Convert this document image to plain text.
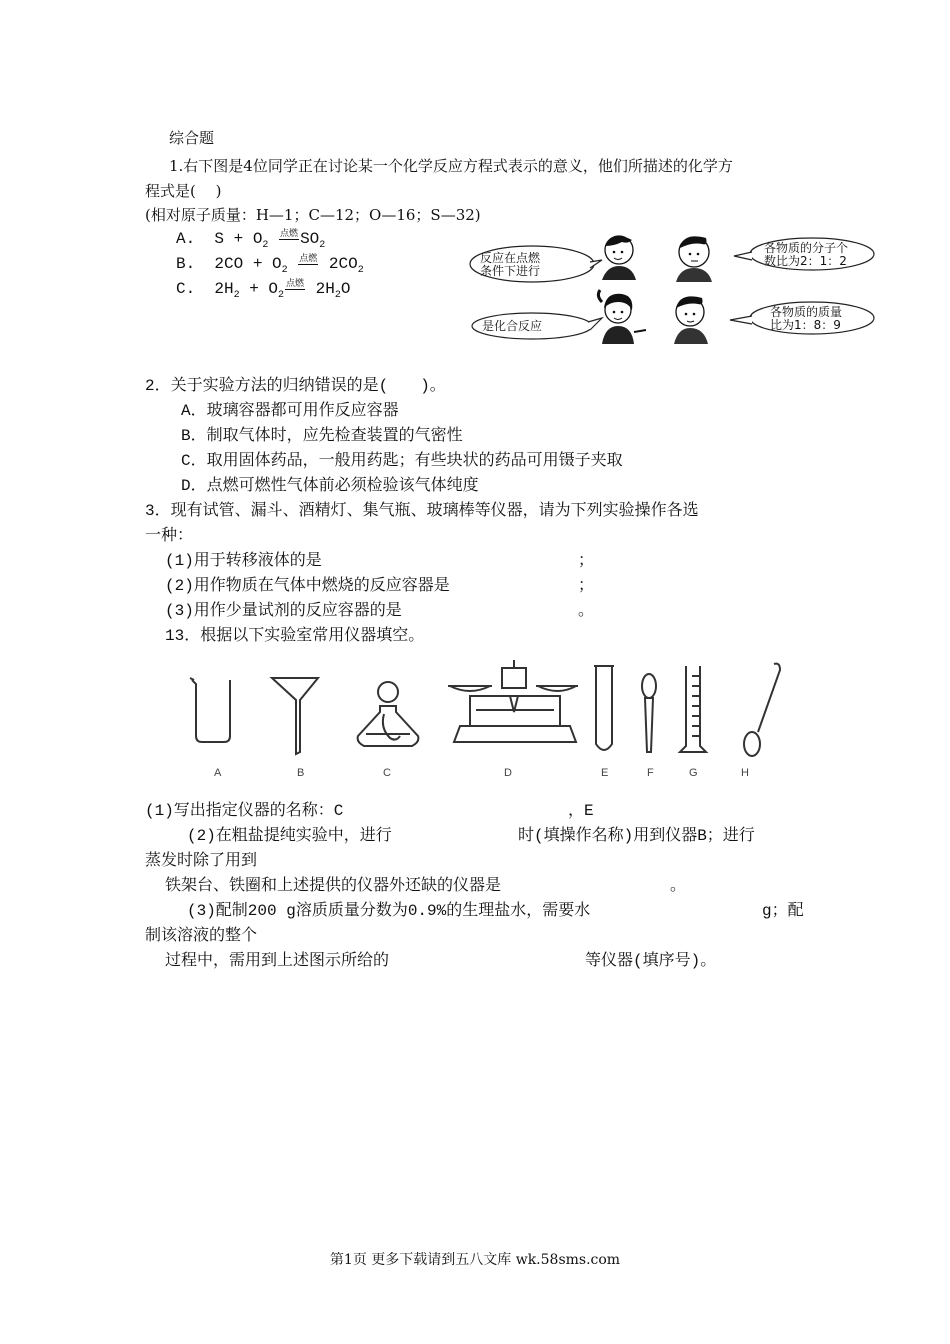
综合题
1.右下图是4位同学正在讨论某一个化学反应方程式表示的意义，他们所描述的化学方
程式是(　 )
(相对原子质量：H—1；C—12；O—16；S—32)
A. $S + O_2$ 点燃 $SO_2$
B. $2CO + O_2$ 点燃 $2CO_2$
C. $2H_2 + O_2$点燃 $2H_2O$
反应在点燃
条件下进行
各物质的分子个
数比为2：1：2
是化合反应
各物质的质量
比为1：8：9
2．关于实验方法的归纳错误的是(　　)。
A．玻璃容器都可用作反应容器
B．制取气体时，应先检查装置的气密性
C．取用固体药品，一般用药匙；有些块状的药品可用镊子夹取
D．点燃可燃性气体前必须检验该气体纯度
3．现有试管、漏斗、酒精灯、集气瓶、玻璃棒等仪器，请为下列实验操作各选
一种：
(1)用于转移液体的是	；
(2)用作物质在气体中燃烧的反应容器是	；
(3)用作少量试剂的反应容器的是	。
13．根据以下实验室常用仪器填空。
A	B	C	D	E	F	G	H
(1)写出指定仪器的名称：C	，E
(2)在粗盐提纯实验中，进行	时(填操作名称)用到仪器B；进行
蒸发时除了用到
铁架台、铁圈和上述提供的仪器外还缺的仪器是	。
(3)配制200 g溶质质量分数为0.9%的生理盐水，需要水	g；配
制该溶液的整个
过程中，需用到上述图示所给的	等仪器(填序号)。
第1页 更多下载请到五八文库 wk.58sms.com
